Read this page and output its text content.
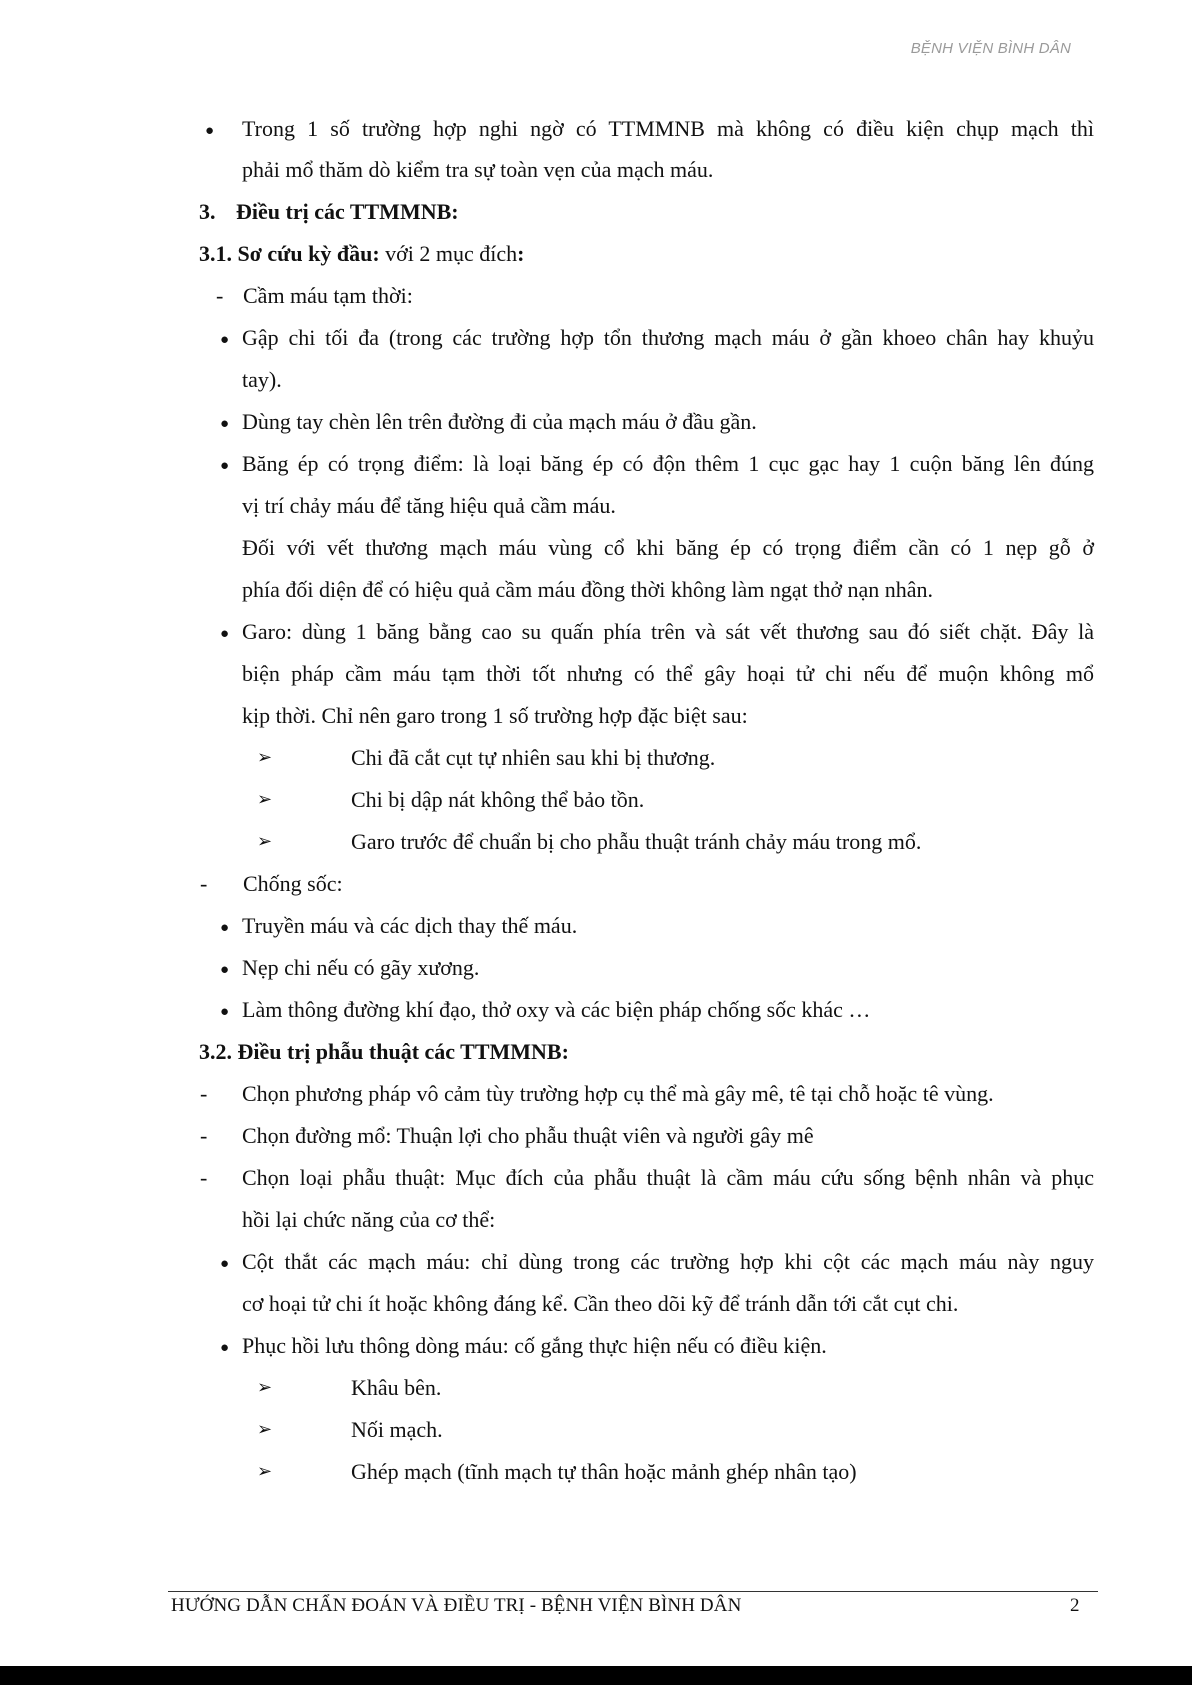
BỆNH VIỆN BÌNH DÂN
● Trong 1 số trường hợp nghi ngờ có TTMMNB mà không có điều kiện chụp mạch thì
phải mổ thăm dò kiểm tra sự toàn vẹn của mạch máu.
3. Điều trị các TTMMNB:
3.1. Sơ cứu kỳ đầu: với 2 mục đích:
- Cầm máu tạm thời:
● Gập chi tối đa (trong các trường hợp tổn thương mạch máu ở gần khoeo chân hay khuỷu
tay).
● Dùng tay chèn lên trên đường đi của mạch máu ở đầu gần.
● Băng ép có trọng điểm: là loại băng ép có độn thêm 1 cục gạc hay 1 cuộn băng lên đúng
vị trí chảy máu để tăng hiệu quả cầm máu.
Đối với vết thương mạch máu vùng cổ khi băng ép có trọng điểm cần có 1 nẹp gỗ ở
phía đối diện để có hiệu quả cầm máu đồng thời không làm ngạt thở nạn nhân.
● Garo: dùng 1 băng bằng cao su quấn phía trên và sát vết thương sau đó siết chặt. Đây là
biện pháp cầm máu tạm thời tốt nhưng có thể gây hoại tử chi nếu để muộn không mổ
kịp thời. Chỉ nên garo trong 1 số trường hợp đặc biệt sau:
➢	Chi đã cắt cụt tự nhiên sau khi bị thương.
➢	Chi bị dập nát không thể bảo tồn.
➢	Garo trước để chuẩn bị cho phẫu thuật tránh chảy máu trong mổ.
- Chống sốc:
● Truyền máu và các dịch thay thế máu.
● Nẹp chi nếu có gãy xương.
● Làm thông đường khí đạo, thở oxy và các biện pháp chống sốc khác …
3.2. Điều trị phẫu thuật các TTMMNB:
- Chọn phương pháp vô cảm tùy trường hợp cụ thể mà gây mê, tê tại chỗ hoặc tê vùng.
- Chọn đường mổ: Thuận lợi cho phẫu thuật viên và người gây mê
- Chọn loại phẫu thuật: Mục đích của phẫu thuật là cầm máu cứu sống bệnh nhân và phục
hồi lại chức năng của cơ thể:
● Cột thắt các mạch máu: chỉ dùng trong các trường hợp khi cột các mạch máu này nguy
cơ hoại tử chi ít hoặc không đáng kể. Cần theo dõi kỹ để tránh dẫn tới cắt cụt chi.
● Phục hồi lưu thông dòng máu: cố gắng thực hiện nếu có điều kiện.
➢	Khâu bên.
➢	Nối mạch.
➢	Ghép mạch (tĩnh mạch tự thân hoặc mảnh ghép nhân tạo)
HƯỚNG DẪN CHẨN ĐOÁN VÀ ĐIỀU TRỊ - BỆNH VIỆN BÌNH DÂN	2
